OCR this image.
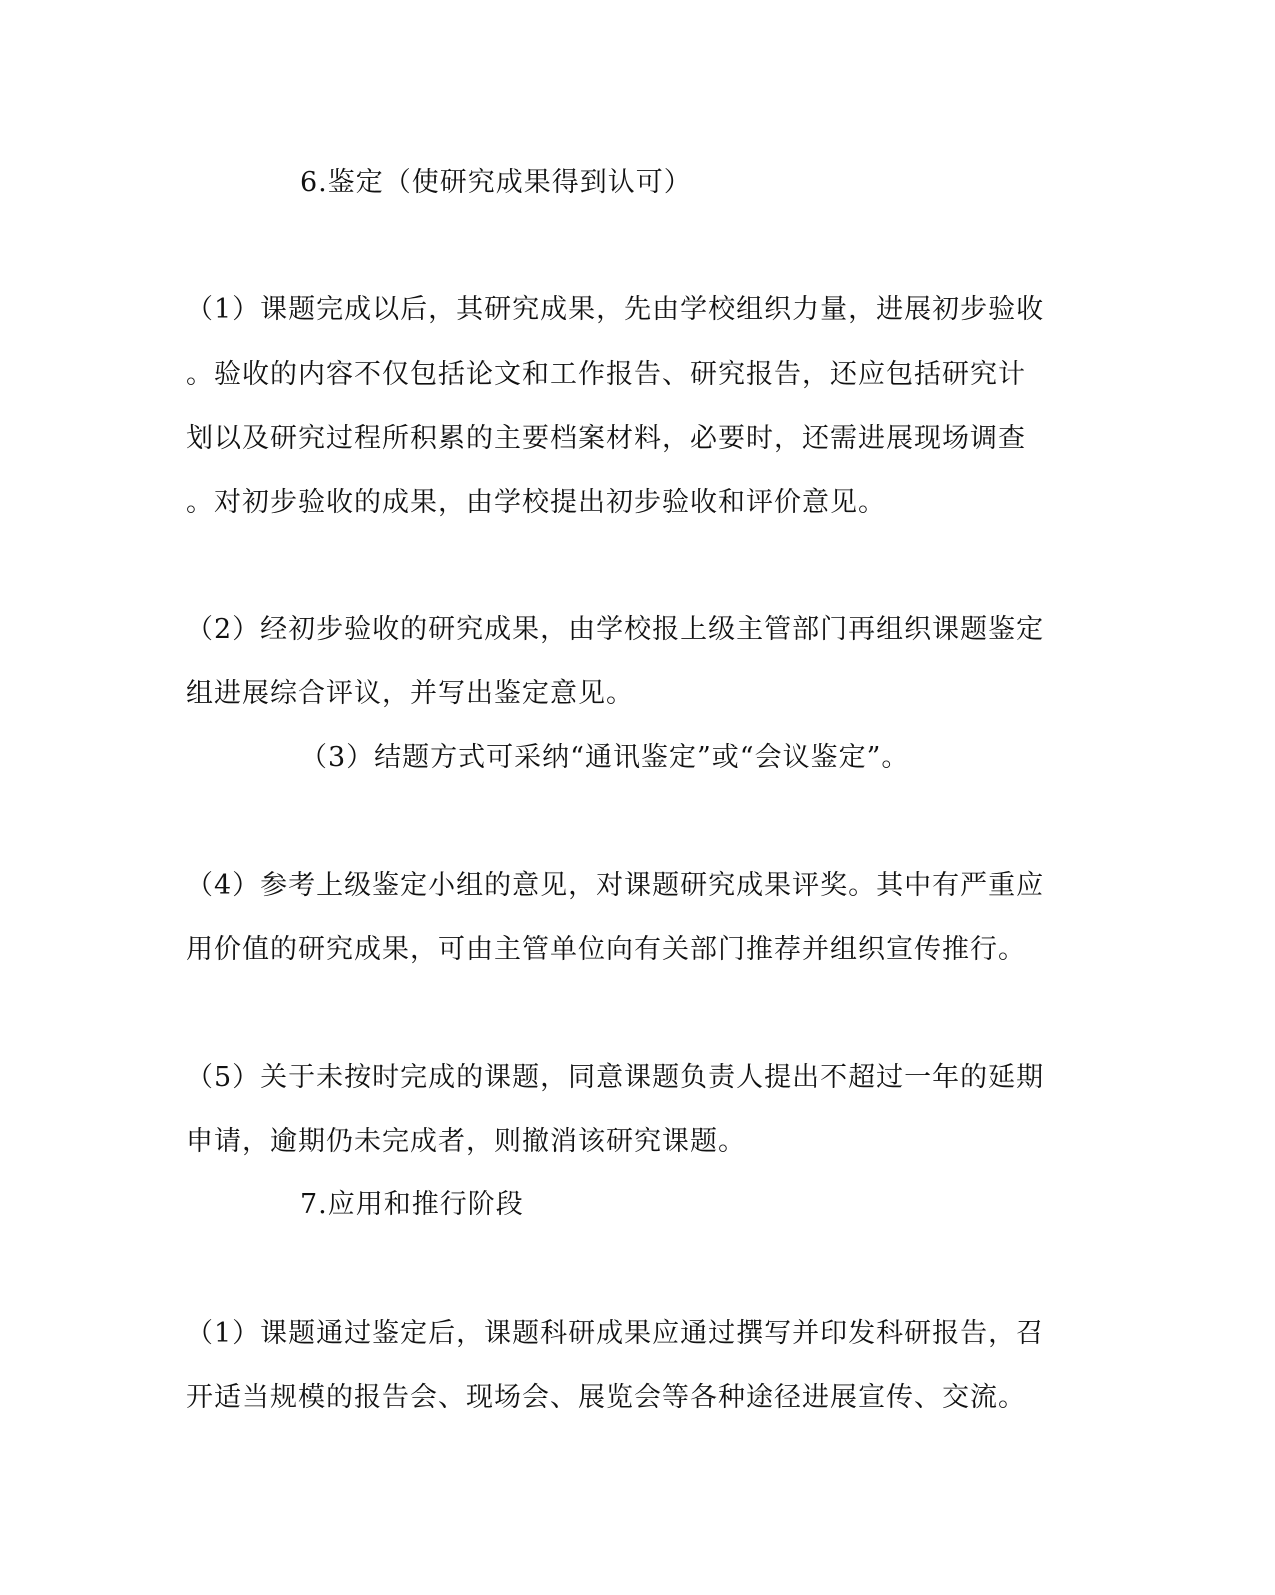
6.鉴定（使研究成果得到认可）
（1）课题完成以后，其研究成果，先由学校组织力量，进展初步验收
。验收的内容不仅包括论文和工作报告、研究报告，还应包括研究计
划以及研究过程所积累的主要档案材料，必要时，还需进展现场调查
。对初步验收的成果，由学校提出初步验收和评价意见。
（2）经初步验收的研究成果，由学校报上级主管部门再组织课题鉴定
组进展综合评议，并写出鉴定意见。
（3）结题方式可采纳“通讯鉴定”或“会议鉴定”。
（4）参考上级鉴定小组的意见，对课题研究成果评奖。其中有严重应
用价值的研究成果，可由主管单位向有关部门推荐并组织宣传推行。
（5）关于未按时完成的课题，同意课题负责人提出不超过一年的延期
申请，逾期仍未完成者，则撤消该研究课题。
7.应用和推行阶段
（1）课题通过鉴定后，课题科研成果应通过撰写并印发科研报告，召
开适当规模的报告会、现场会、展览会等各种途径进展宣传、交流。
